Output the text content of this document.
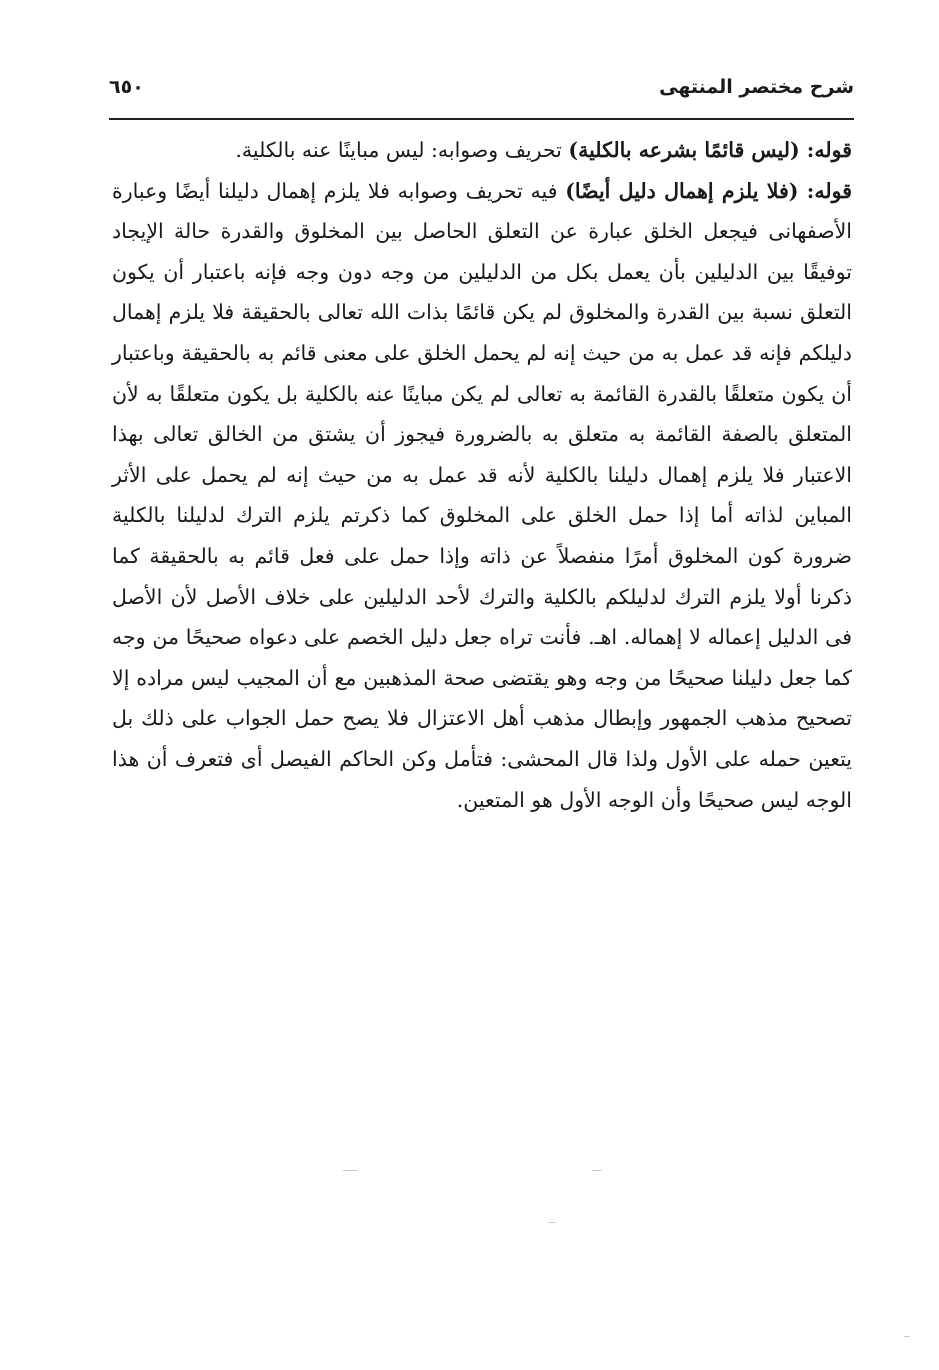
شرح مختصر المنتهى
٦٥٠

قوله: (ليس قائمًا بشرعه بالكلية) تحريف وصوابه: ليس مباينًا عنه بالكلية.

قوله: (فلا يلزم إهمال دليل أيضًا) فيه تحريف وصوابه فلا يلزم إهمال دليلنا أيضًا وعبارة الأصفهانى فيجعل الخلق عبارة عن التعلق الحاصل بين المخلوق والقدرة حالة الإيجاد توفيقًا بين الدليلين بأن يعمل بكل من الدليلين من وجه دون وجه فإنه باعتبار أن يكون التعلق نسبة بين القدرة والمخلوق لم يكن قائمًا بذات الله تعالى بالحقيقة فلا يلزم إهمال دليلكم فإنه قد عمل به من حيث إنه لم يحمل الخلق على معنى قائم به بالحقيقة وباعتبار أن يكون متعلقًا بالقدرة القائمة به تعالى لم يكن مباينًا عنه بالكلية بل يكون متعلقًا به لأن المتعلق بالصفة القائمة به متعلق به بالضرورة فيجوز أن يشتق من الخالق تعالى بهذا الاعتبار فلا يلزم إهمال دليلنا بالكلية لأنه قد عمل به من حيث إنه لم يحمل على الأثر المباين لذاته أما إذا حمل الخلق على المخلوق كما ذكرتم يلزم الترك لدليلنا بالكلية ضرورة كون المخلوق أمرًا منفصلاً عن ذاته وإذا حمل على فعل قائم به بالحقيقة كما ذكرنا أولا يلزم الترك لدليلكم بالكلية والترك لأحد الدليلين على خلاف الأصل لأن الأصل فى الدليل إعماله لا إهماله. اهـ. فأنت تراه جعل دليل الخصم على دعواه صحيحًا من وجه كما جعل دليلنا صحيحًا من وجه وهو يقتضى صحة المذهبين مع أن المجيب ليس مراده إلا تصحيح مذهب الجمهور وإبطال مذهب أهل الاعتزال فلا يصح حمل الجواب على ذلك بل يتعين حمله على الأول ولذا قال المحشى: فتأمل وكن الحاكم الفيصل أى فتعرف أن هذا الوجه ليس صحيحًا وأن الوجه الأول هو المتعين.
